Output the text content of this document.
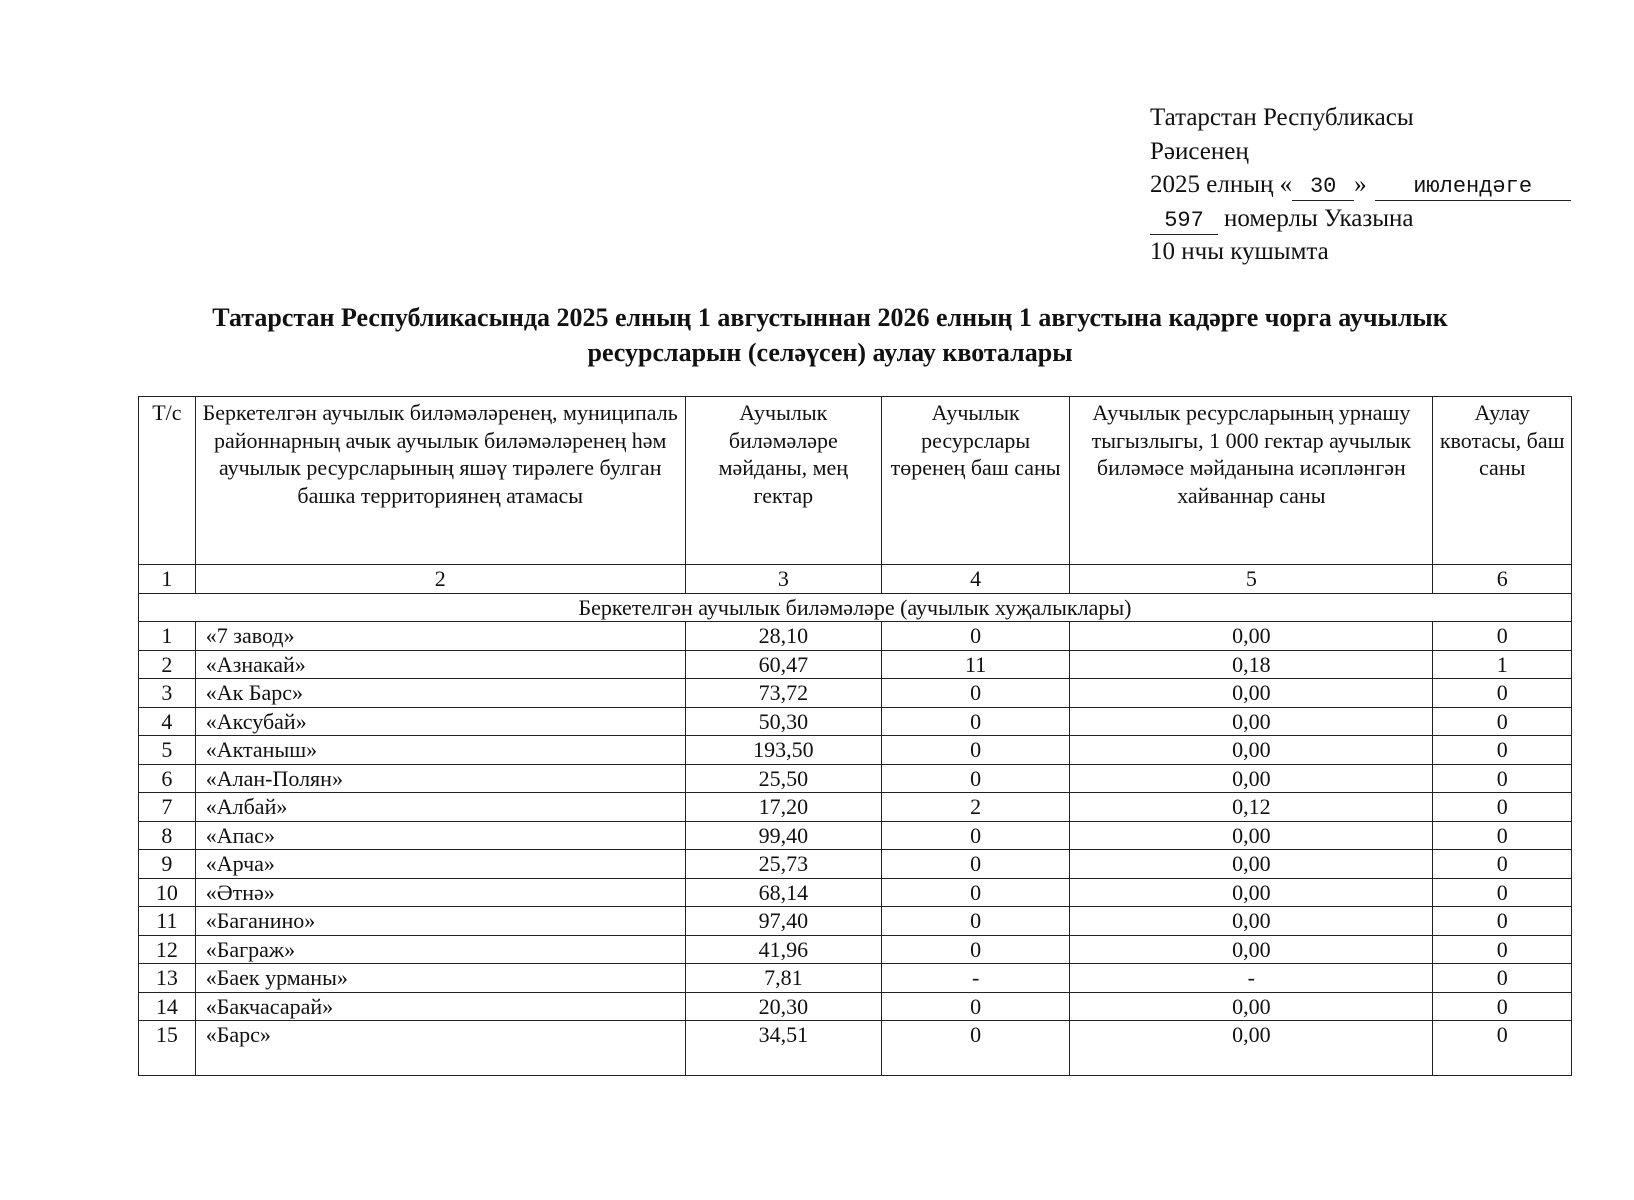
Татарстан Республикасы
Рәисенең
2025 елның « 30 » июлендәге
597 номерлы Указына
10 нчы кушымта
Татарстан Республикасында 2025 елның 1 августыннан 2026 елның 1 августына кадәрге чорга аучылык
ресурсларын (селәүсен) аулау квоталары
Т/с	Беркетелгән аучылык биләмәләренең, муниципаль районнарның ачык аучылык биләмәләренең һәм аучылык ресурсларының яшәү тирәлеге булган башка территориянең атамасы	Аучылык биләмәләре мәйданы, мең гектар	Аучылык ресурслары төренең баш саны	Аучылык ресурсларының урнашу тыгызлыгы, 1 000 гектар аучылык биләмәсе мәйданына исәпләнгән хайваннар саны	Аулау квотасы, баш саны
1	2	3	4	5	6
Беркетелгән аучылык биләмәләре (аучылык хуҗалыклары)					
1	«7 завод»	28,10	0	0,00	0
2	«Азнакай»	60,47	11	0,18	1
3	«Ак Барс»	73,72	0	0,00	0
4	«Аксубай»	50,30	0	0,00	0
5	«Актаныш»	193,50	0	0,00	0
6	«Алан-Полян»	25,50	0	0,00	0
7	«Албай»	17,20	2	0,12	0
8	«Апас»	99,40	0	0,00	0
9	«Арча»	25,73	0	0,00	0
10	«Әтнә»	68,14	0	0,00	0
11	«Баганино»	97,40	0	0,00	0
12	«Баграж»	41,96	0	0,00	0
13	«Баек урманы»	7,81	-	-	0
14	«Бакчасарай»	20,30	0	0,00	0
15	«Барс»	34,51	0	0,00	0
